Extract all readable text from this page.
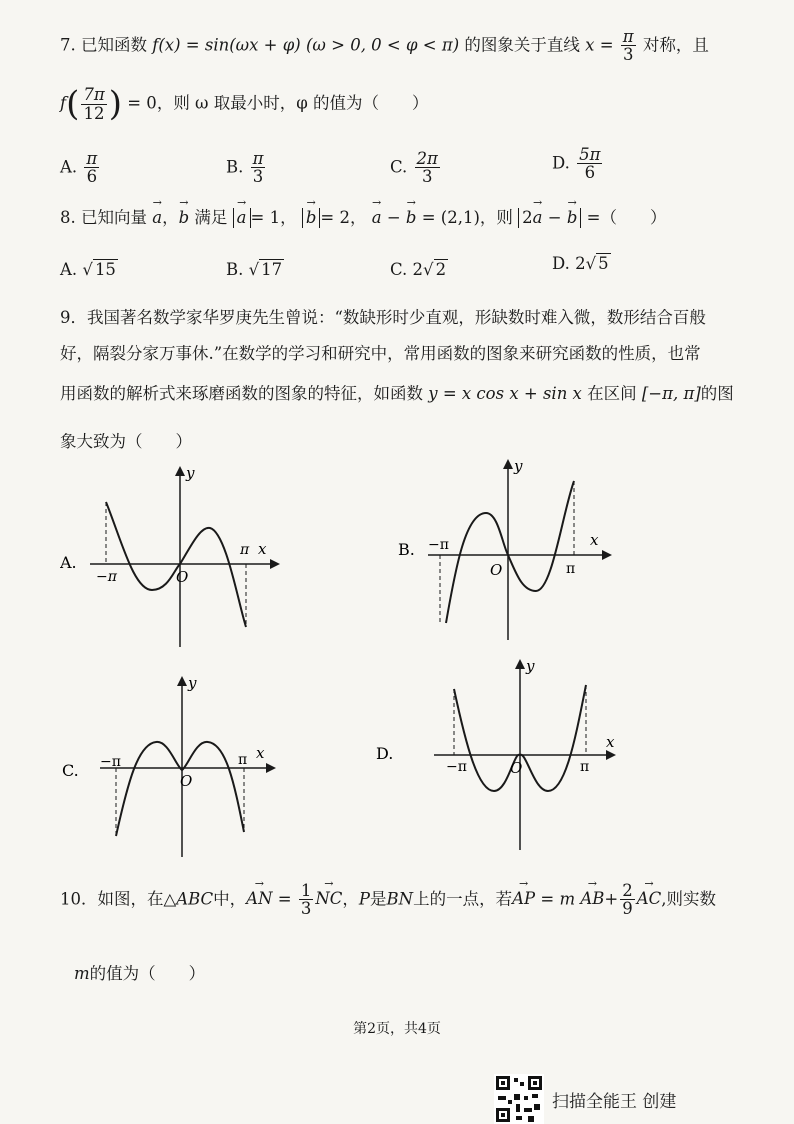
7. 已知函数 f(x) = sin(ωx + φ) (ω > 0, 0 < φ < π) 的图象关于直线 $x = \frac{\pi}{3}$ 对称，且
$f( \frac{7\pi}{12}$ ) = 0，则 ω 取最小时，φ 的值为（　　）
A. $\frac{\pi}{6}$	B. $\frac{\pi}{3}$	C. $\frac{2\pi}{3}$	D. $\frac{5\pi}{6}$
8. 已知向量 → a，→ b 满足 → a = 1， → b = 2， → a − → b = (2,1)，则 2→ a − → b =（　　）
A. √ 15	B. √ 17	C. 2√ 2	D. 2√ 5
9．我国著名数学家华罗庚先生曾说：“数缺形时少直观，形缺数时难入微，数形结合百般
好，隔裂分家万事休.”在数学的学习和研究中，常用函数的图象来研究函数的性质，也常
用函数的解析式来琢磨函数的图象的特征，如函数 y = x cos x + sin x 在区间 [−π, π]的图
象大致为（　　）
A.
−π
π x
y
O
B. −π
π
x
y
O
C. −π	π x
y
O
D.
−π	π
x
y
O
10．如图，在△ABC中，→ AN = $\frac{1}{3}$ → NC，P是BN上的一点，若→ AP = $m \to AB+ \frac{2}{9}$ → AC,则实数
m的值为（　　）
第2页，共4页
扫描全能王 创建
